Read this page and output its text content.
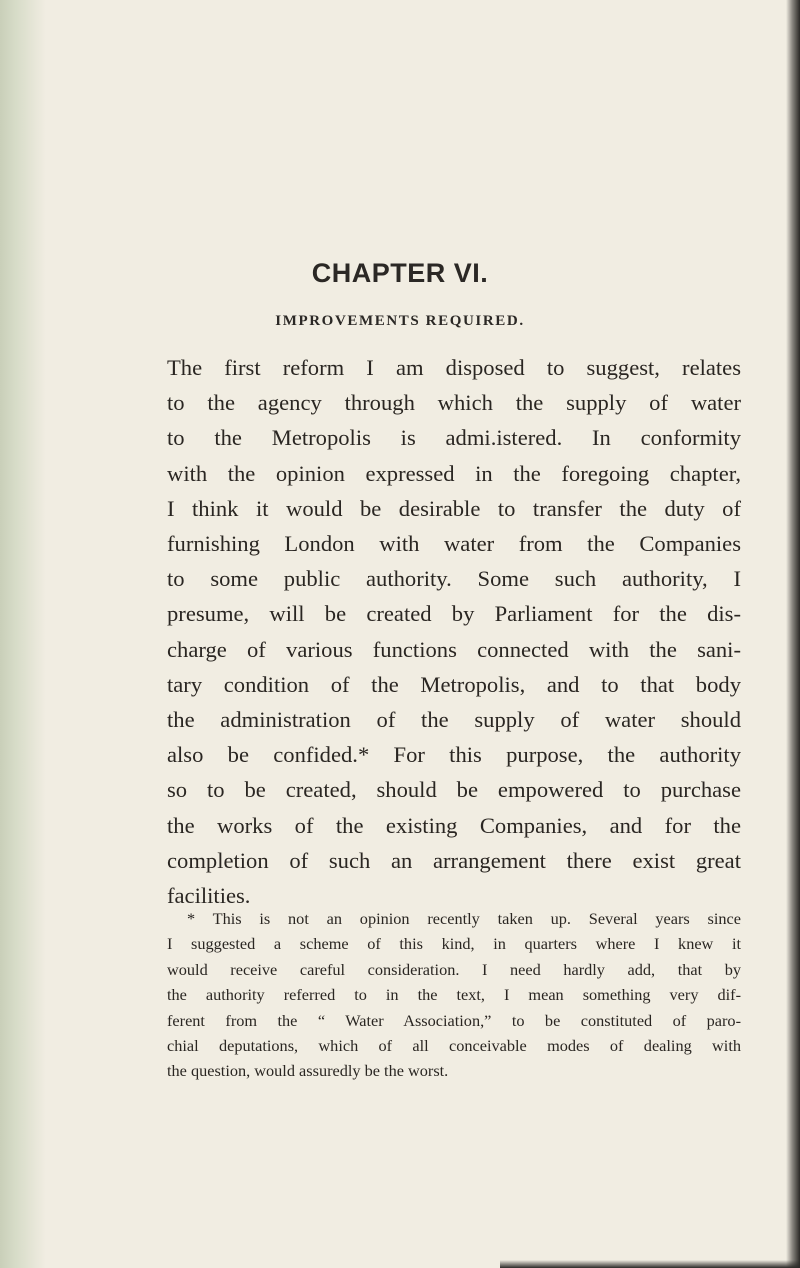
CHAPTER VI.
IMPROVEMENTS REQUIRED.

The first reform I am disposed to suggest, relates
to the agency through which the supply of water
to the Metropolis is admi.istered. In conformity
with the opinion expressed in the foregoing chapter,
I think it would be desirable to transfer the duty of
furnishing London with water from the Companies
to some public authority. Some such authority, I
presume, will be created by Parliament for the dis-
charge of various functions connected with the sani-
tary condition of the Metropolis, and to that body
the administration of the supply of water should
also be confided.* For this purpose, the authority
so to be created, should be empowered to purchase
the works of the existing Companies, and for the
completion of such an arrangement there exist great
facilities.

* This is not an opinion recently taken up. Several years since
I suggested a scheme of this kind, in quarters where I knew it
would receive careful consideration. I need hardly add, that by
the authority referred to in the text, I mean something very dif-
ferent from the “ Water Association,” to be constituted of paro-
chial deputations, which of all conceivable modes of dealing with
the question, would assuredly be the worst.
